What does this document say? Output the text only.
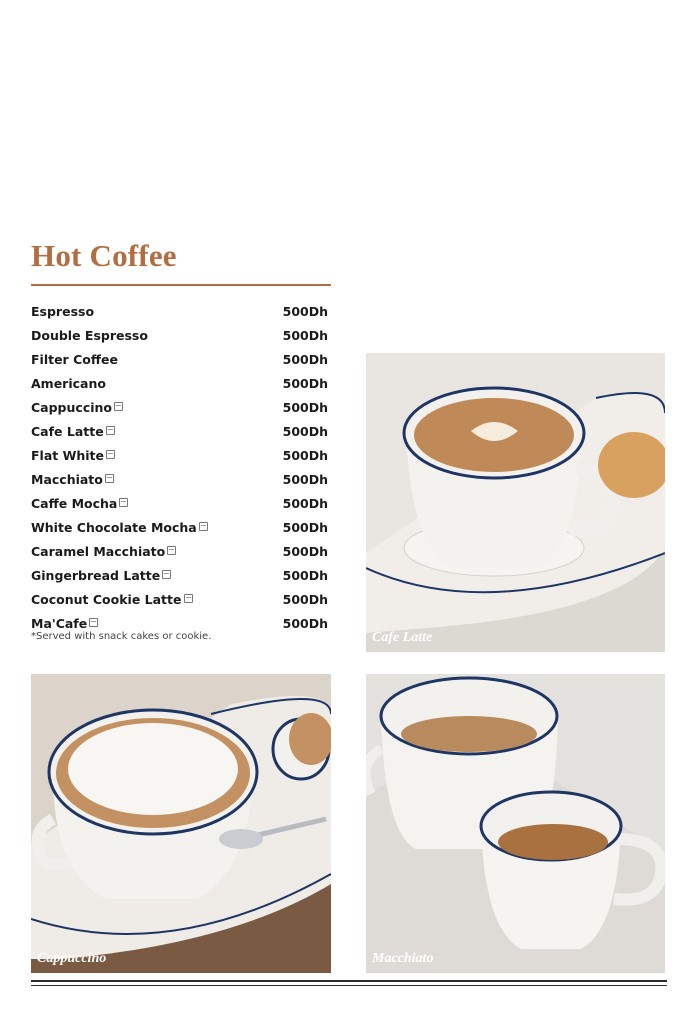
Hot Coffee
Espresso	500Dh
Double Espresso	500Dh
Filter Coffee	500Dh
Americano	500Dh
Cappuccino	500Dh
Cafe Latte	500Dh
Flat White	500Dh
Macchiato	500Dh
Caffe Mocha	500Dh
White Chocolate Mocha	500Dh
Caramel Macchiato	500Dh
Gingerbread Latte	500Dh
Coconut Cookie Latte	500Dh
Ma'Cafe	500Dh
*Served with snack cakes or cookie.	Cafe Latte
Cappuccino	Macchiato
